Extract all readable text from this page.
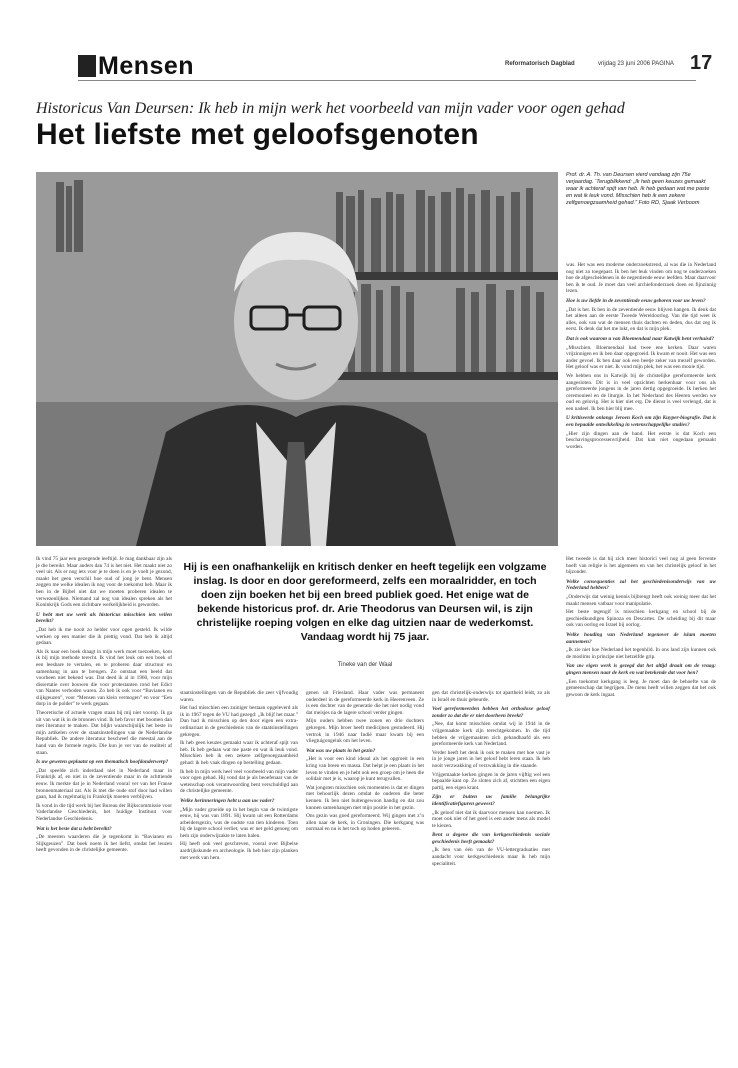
Mensen	Reformatorisch Dagblad	vrijdag 23 juni 2006 PAGINA 17
Historicus Van Deursen: Ik heb in mijn werk het voorbeeld van mijn vader voor ogen gehad
Het liefste met geloofsgenoten
Prof. dr. A. Th. van Deursen vierd vandaag zijn 75e verjaardag. ‘Terugblikkend: „Ik heb geen keuzes gemaakt waar ik achteraf spijt van heb. Ik heb gedaan wat me paste en wat ik leuk vond. Misschien heb ik een zekere zelfgenoegzaamheid gehad.” Foto RD, Sjaak Verboom

was. Het was een moderne onderzoekstrend, al was die in Nederland nog niet zo toegepast. Ik ben het leuk vinden om nog te onderzoeken hoe de afgescheidenen in de negentiende eeuw leefden. Maar daarvoor ben ik te oud. Je moet dan veel archiefonderzoek doen en fijnzinnig lezen.

Hoe is uw liefde in de zeventiende eeuw geboren voor uw leven?

„Dat is het. Ik ben in de zeventiende eeuw blijven hangen. Ik denk dat het alleen aan de eerste Tweede Wereldoorlog. Van die tijd weet ik alles, ook van wat de mensen thuis dachten en deden, dus dat zeg ik eerst. Ik denk dat het me lukt, en dat is mijn plek.

Dat is ook waarom u van Bloemendaal naar Katwijk bent verhuisd?

„Misschien. Bloemendaal had twee ene kerken. Daar waren vrijzinnigen en ik ben daar opgegroeid. Ik kwam er nooit. Het was een ander gevoel. Ik ben daar ook een beetje zeker van mezelf geworden. Het geloof was er niet. Ik vond mijn plek, het was een mooie tijd.

We hebben ons in Katwijk bij de christelijke gereformeerde kerk aangesloten. Dit is in veel opzichten herkenbaar voor ons als gereformeerde jongens in de jaren dertig opgegroeide. Ik herken het ceremonieel en de liturgie. In het Nederland des Heeren werden we oud en gelovig. Het is hier niet erg. De dienst is veel verlengd, dat is een nadeel. Ik ben hier blij mee.

U kritiseerde onlangs Jeroen Koch om zijn Kuyper-biografie. Dat is een bepaalde ontwikkeling in wetenschappelijke studies?

„Hier zijn dingen aan de hand. Het eerste is dat Koch een beschavingsprocessenvrijheid. Dat kan niet ongedaan gemaakt worden.

Hij is een onafhankelijk en kritisch denker en heeft tegelijk een volgzame inslag. Is door en door gereformeerd, zelfs een moraalridder, en toch doen zijn boeken het bij een breed publiek goed. Het enige wat de bekende historicus prof. dr. Arie Theodorus van Deursen wil, is zijn christelijke roeping volgen en elke dag uitzien naar de wederkomst. Vandaag wordt hij 75 jaar.
Tineke van der Waal

Ik vind 75 jaar een gezegende leeftijd. Je mag dankbaar zijn als je die bereikt. Maar anders dan 74 is het niet. Het maakt niet zo veel uit. Als er nog iets voor je te doen is en je voelt je gezond, maakt het geen verschil hoe oud of jong je bent. Mensen zeggen me welke idealen ik nog voor de toekomst heb. Maar ik ben in de Bijbel niet dat we moeten proberen idealen te verwezenlijken. Niemand zal nog van idealen spreken als het Koninkrijk Gods een zichtbare werkelijkheid is geworden.

U hebt met uw werk als historicus misschien iets veilen bereikt?

„Dat heb ik me nooit zo helder voor ogen gesteld. Ik wilde werken op een manier die ik prettig vond. Dat heb ik altijd gedaan.

Als ik naar een boek draagt in mijn werk moet toezoeken, kom ik bij mijn methode terecht. Ik vind het leuk om een boek of een leesbare te vertalen, en te proberen daar structuur en samenhang in aan te brengen. Zo ontstaat een beeld dat voorheen niet bekend was. Dat deed ik al in 1960, voor mijn dissertatie over bouwen die voor protestanten rond het Edict van Nantes verboden waren. Zo heb ik ook voor “Bavianen en slijkgeuzen”, voor “Mensen van klein vermogen” en voor “Een dorp in de polder” te werk gegaan.

Theoretische of actuele vragen staan bij mij niet voorop. Ik ga uit van wat ik in de bronnen vind. Ik heb favor met boomen dan met literatuur te maken. Dat blijkt waarschijnlijk het beste in mijn artikelen over de staatsinstellingen van de Nederlandse Republiek. De andere literatuur beschreef die meestal aan de hand van de formele regels. Die kun je ver van de realiteit af staan.

Is uw geweten geplaatst op een thematisch hoofdonderwerp?

„Dat speelde zich inderdaad niet in Nederland maar in Frankrijk af, en niet in de zeventiende maar in de achttiende eeuw. Ik merkte dat je in Nederland vooral ver van het Franse bronnenmateriaal zat. Als ik met die oude stof door had willen gaan, had ik regelmatig in Frankrijk moeten verblijven.

Ik vond in die tijd werk bij het Bureau der Rijkscommissie voor Vaderlandse Geschiedenis, het huidige Instituut voor Nederlandse Geschiedenis.

Wat is het beste dat u hebt bereikt?

„De meesten waarderen die je tegenkomt in “Bavianen en Slijkgeuzen”. Dat boek noem ik het liefst, omdat het leuzen heeft gevonden in de christelijke gemeente.

staatsinstellingen van de Republiek die zeer vijfvoudig waren.

Het had misschien een zuiniger bestaan opgeleverd als ik in 1967 tegen de VU had gezegd: „Ik blijf het maar.” Dan had ik misschien op den door eigen een extra-ordinariaat in de geschiedenis van de staatsinstellingen gekregen.

Ik heb geen keuzes gemaakt waar ik achteraf spijt van heb. Ik heb gedaan wat me paste en wat ik leuk vond. Misschien heb ik een zekere zelfgenoegzaamheid gehad: ik heb vaak dingen op bestelling gedaan.

Ik heb in mijn werk heel veel voorbeeld van mijn vader voor ogen gehad. Hij vond dat je als beoefenaar van de wetenschap ook verantwoording bent verschuldigd aan de christelijke gemeente.

Welke herinneringen hebt u aan uw vader?

„Mijn vader groeide op in het begin van de twintigste eeuw, hij was van 1891. Hij kwam uit een Rotterdams arbeidersgezin, was de oudste van tien kinderen. Toen hij de lagere school verliet, was er net geld genoeg om hem zijn onderwijzakte te laten halen.

Hij heeft ook veel geschreven, vooral over Bijbelse aardrijkskunde en archeologie. Ik heb hier zijn planken met werk van hem.

genen uit Friesland. Haar vader was permanent onderdeel in de gereformeerde kerk in Heerenveen. Ze is een dochter van de generatie die het niet nodig vond dat meisjes na de lagere school verder gingen.

Mijn ouders hebben twee zonen en drie dochters gekregen. Mijn broer heeft medicijnen gestudeerd. Hij vertrok in 1946 naar Indië maar kwam bij een vliegtuigongeluk om het leven.

Wat was uw plaats in het gezin?

„Het is voor een kind ideaal als het opgroeit in een kring van breen en massa. Dat helpt je een plaats in het leven te vinden en je hebt ook een groep om je heen die solidair met je is, waarop je kunt terugvallen.

Wat jongsten misschien ook momenten is dat er dingen met behoorlijk dezen omdat de ouderen die beter kennen. Ik ben niet buitengewoon handig en dat zou kunnen samenhangen met mijn positie in het gezin.

Ons gezin was goed gereformeerd. Wij gingen met z’n allen naar de kerk, in Groningen. Die kerkgang was normaal en nu is het toch op hoden geleeren.

gen dat christelijk-onderwijs tot apartheid leidt, zo als in Israël en thuis gebeurde.

Voel gereformeerden hebben het orthodoxe geloof zonder zo dat die er niet doorheen breekt?

„Nee, dat komt misschien omdat wij in 1944 in de vrijgemaakte kerk zijn terechtgekomen. In die tijd hebben de vrijgemaakten zich gehandhaafd als een gereformeerde kerk van Nederland.

Verder heeft het denk ik ook te maken met hoe vast je in je jonge jaren in het geloof hebt leren staan. Ik heb nooit verzwakking of verzwakking in die staande.

Vrijgemaakte kerken gingen in de jaren vijftig wel een bepaalde kant op. Ze sloten zich af, stichtten een eigen partij, een eigen krant.

Zijn er buiten uw familie belangrijke identificatiefiguren geweest?

„Ik geloof niet dat ik daarvoor mensen kan noemen. Ik moet ook niet of het goed is een ander mens als model te kiezen.

Bent u degene die van kerkgeschiedenis sociale geschiedenis heeft gemaakt?

„Ik ben van één van de VU-lettergraduaties met aandacht voor kerkgeschiedenis maar ik heb mijn specialiteit.

Het tweede is dat hij zich meer historici veel nog al geen fervente hoeft van religie is het algemeen en van het christelijk geloof in het bijzonder.

Welke consequenties zal het geschiedenisonderwijs van uw Nederland hebben?

„Onderwijs dat weinig kennis bijbrengt heeft ook weinig meer dat het maakt mensen vatbaar voor manipulatie.

Het beste tegengif is misschien kerkgang en school bij de geschiedkundigen Spinoza en Descartes. De scheiding bij dit maar ook van oorlog en Israel bij oorlog.

Welke houding van Nederland tegenover de islam moeten aannemen?

„Ik zie niet hoe Nederland het tegenhild. In ons land zijn kunnen ook de moslims in principe niet hetzelfde grip.

Van uw eigen werk is gezegd dat het altijd draait om de vraag: gingen mensen naar de kerk en wat betekende dat voor hen?

„Een toekomst kerkgang is leeg. Je moet dan de behoefte van de gemeenschap dat begrijpen. De mens heeft willen zeggen dat het ook gewoon de kerk ingaat.
